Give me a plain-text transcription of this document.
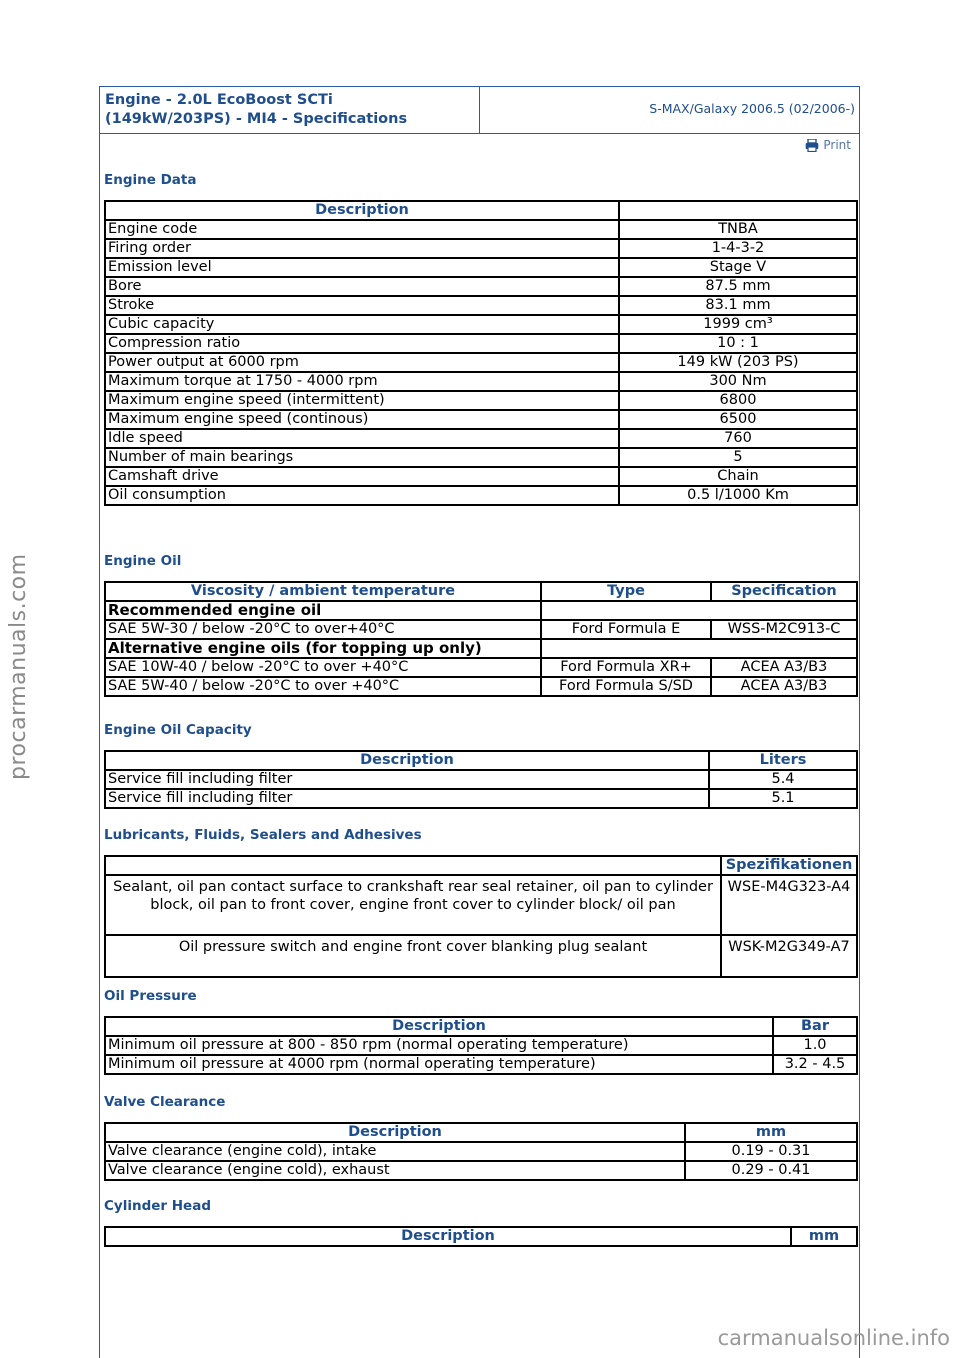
Engine - 2.0L EcoBoost SCTi
(149kW/203PS) - MI4 - Specifications
S-MAX/Galaxy 2006.5 (02/2006-)
Print
Engine Data
Description	
Engine code	TNBA
Firing order	1-4-3-2
Emission level	Stage V
Bore	87.5 mm
Stroke	83.1 mm
Cubic capacity	1999 cm³
Compression ratio	10 : 1
Power output at 6000 rpm	149 kW (203 PS)
Maximum torque at 1750 - 4000 rpm	300 Nm
Maximum engine speed (intermittent)	6800
Maximum engine speed (continous)	6500
Idle speed	760
Number of main bearings	5
Camshaft drive	Chain
Oil consumption	0.5 l/1000 Km
Engine Oil
Viscosity / ambient temperature	Type	Specification
Recommended engine oil		
SAE 5W-30 / below -20°C to over+40°C	Ford Formula E	WSS-M2C913-C
Alternative engine oils (for topping up only)		
SAE 10W-40 / below -20°C to over +40°C	Ford Formula XR+	ACEA A3/B3
SAE 5W-40 / below -20°C to over +40°C	Ford Formula S/SD	ACEA A3/B3
Engine Oil Capacity
Description	Liters
Service fill including filter	5.4
Service fill including filter	5.1
Lubricants, Fluids, Sealers and Adhesives
	Spezifikationen
Sealant, oil pan contact surface to crankshaft rear seal retainer, oil pan to cylinder block, oil pan to front cover, engine front cover to cylinder block/ oil pan	WSE-M4G323-A4
Oil pressure switch and engine front cover blanking plug sealant	WSK-M2G349-A7
Oil Pressure
Description	Bar
Minimum oil pressure at 800 - 850 rpm (normal operating temperature)	1.0
Minimum oil pressure at 4000 rpm (normal operating temperature)	3.2 - 4.5
Valve Clearance
Description	mm
Valve clearance (engine cold), intake	0.19 - 0.31
Valve clearance (engine cold), exhaust	0.29 - 0.41
Cylinder Head
Description	mm
procarmanuals.com
carmanualsonline.info
